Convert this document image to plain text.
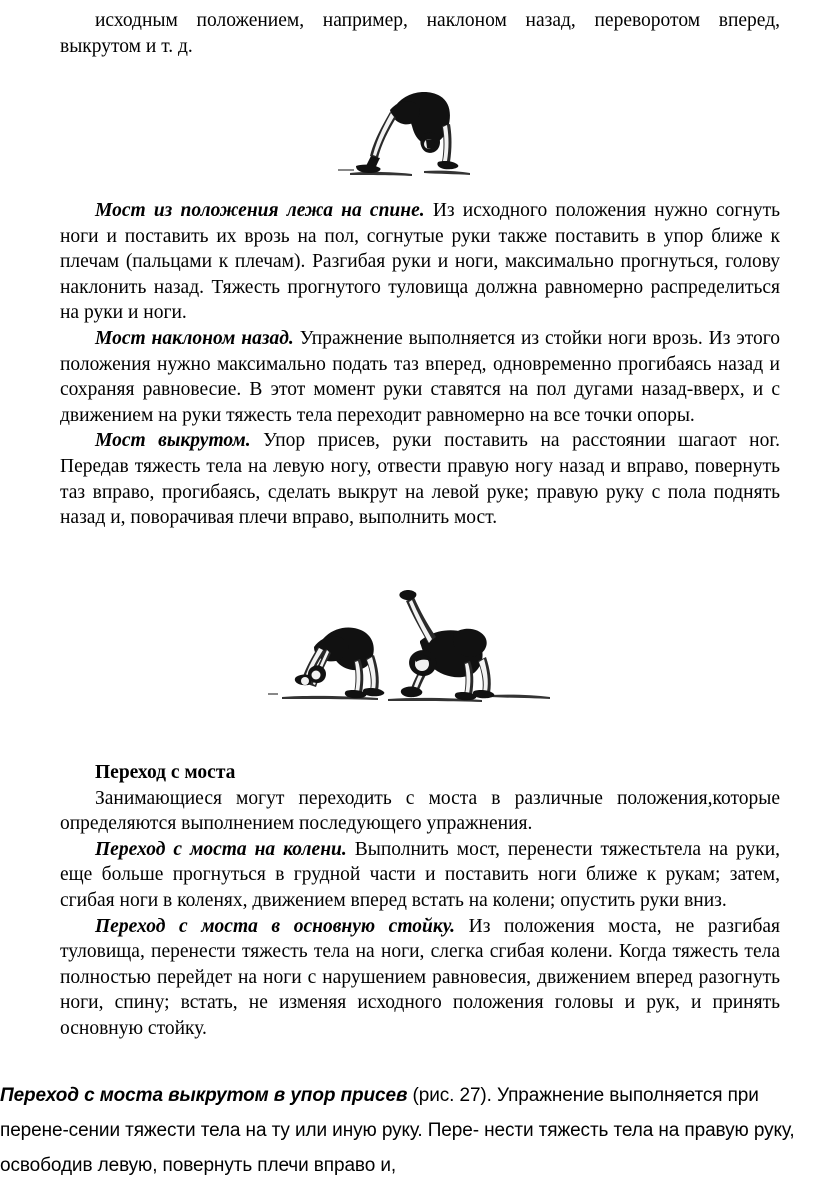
исходным положением, например, наклоном назад, переворотом вперед, выкрутом и т. д.

Мост из положения лежа на спине. Из исходного положения нужно согнуть ноги и поставить их врозь на пол, согнутые руки также поставить в упор ближе к плечам (пальцами к плечам). Разгибая руки и ноги, максимально прогнуться, голову наклонить назад. Тяжесть прогнутого туловища должна равномерно распределиться на руки и ноги.

Мост наклоном назад. Упражнение выполняется из стойки ноги врозь. Из этого положения нужно максимально подать таз вперед, одновременно прогибаясь назад и сохраняя равновесие. В этот момент руки ставятся на пол дугами назад-вверх, и с движением на руки тяжесть тела переходит равномерно на все точки опоры.

Мост выкрутом. Упор присев, руки поставить на расстоянии шагаот ног. Передав тяжесть тела на левую ногу, отвести правую ногу назад и вправо, повернуть таз вправо, прогибаясь, сделать выкрут на левой руке; правую руку с пола поднять назад и, поворачивая плечи вправо, выполнить мост.

Переход с моста

Занимающиеся могут переходить с моста в различные положения,которые определяются выполнением последующего упражнения.

Переход с моста на колени. Выполнить мост, перенести тяжестьтела на руки, еще больше прогнуться в грудной части и поставить ноги ближе к рукам; затем, сгибая ноги в коленях, движением вперед встать на колени; опустить руки вниз.

Переход с моста в основную стойку. Из положения моста, не разгибая туловища, перенести тяжесть тела на ноги, слегка сгибая колени. Когда тяжесть тела полностью перейдет на ноги с нарушением равновесия, движением вперед разогнуть ноги, спину; встать, не изменяя исходного положения головы и рук, и принять основную стойку.

Переход с моста выкрутом в упор присев (рис. 27). Упражнение выполняется при перене-сении тяжести тела на ту или иную руку. Пере- нести тяжесть тела на правую руку, освободив левую, повернуть плечи вправо и,
